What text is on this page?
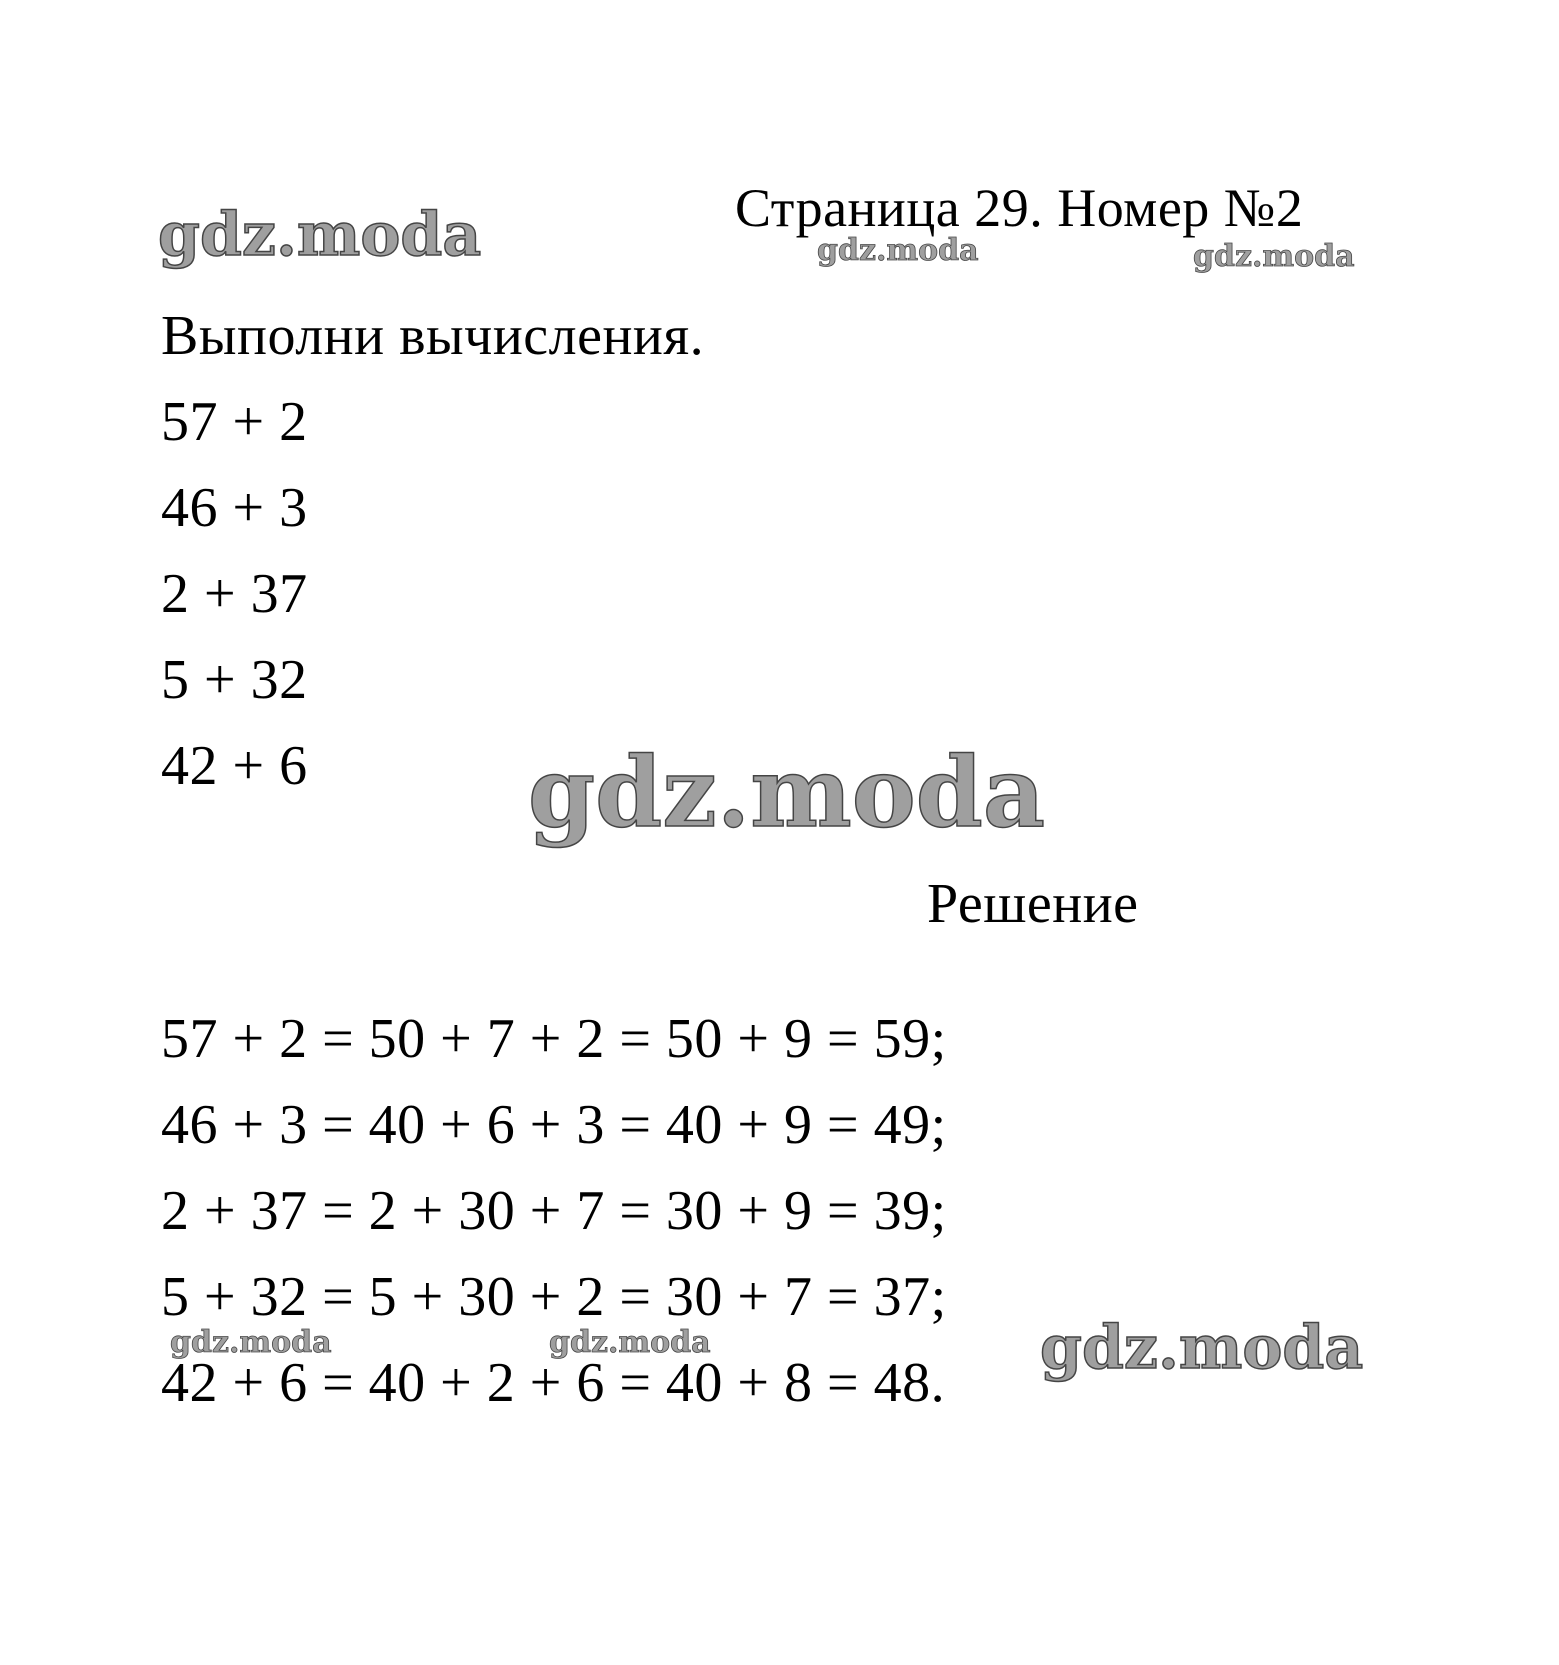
gdz.moda	gdz.moda	gdz.moda
gdz.moda
gdz.moda	gdz.moda	gdz.moda
Страница 29. Номер №2
Выполни вычисления.
57 + 2
46 + 3
2 + 37
5 + 32
42 + 6
Решение
57 + 2 = 50 + 7 + 2 = 50 + 9 = 59;
46 + 3 = 40 + 6 + 3 = 40 + 9 = 49;
2 + 37 = 2 + 30 + 7 = 30 + 9 = 39;
5 + 32 = 5 + 30 + 2 = 30 + 7 = 37;
42 + 6 = 40 + 2 + 6 = 40 + 8 = 48.
